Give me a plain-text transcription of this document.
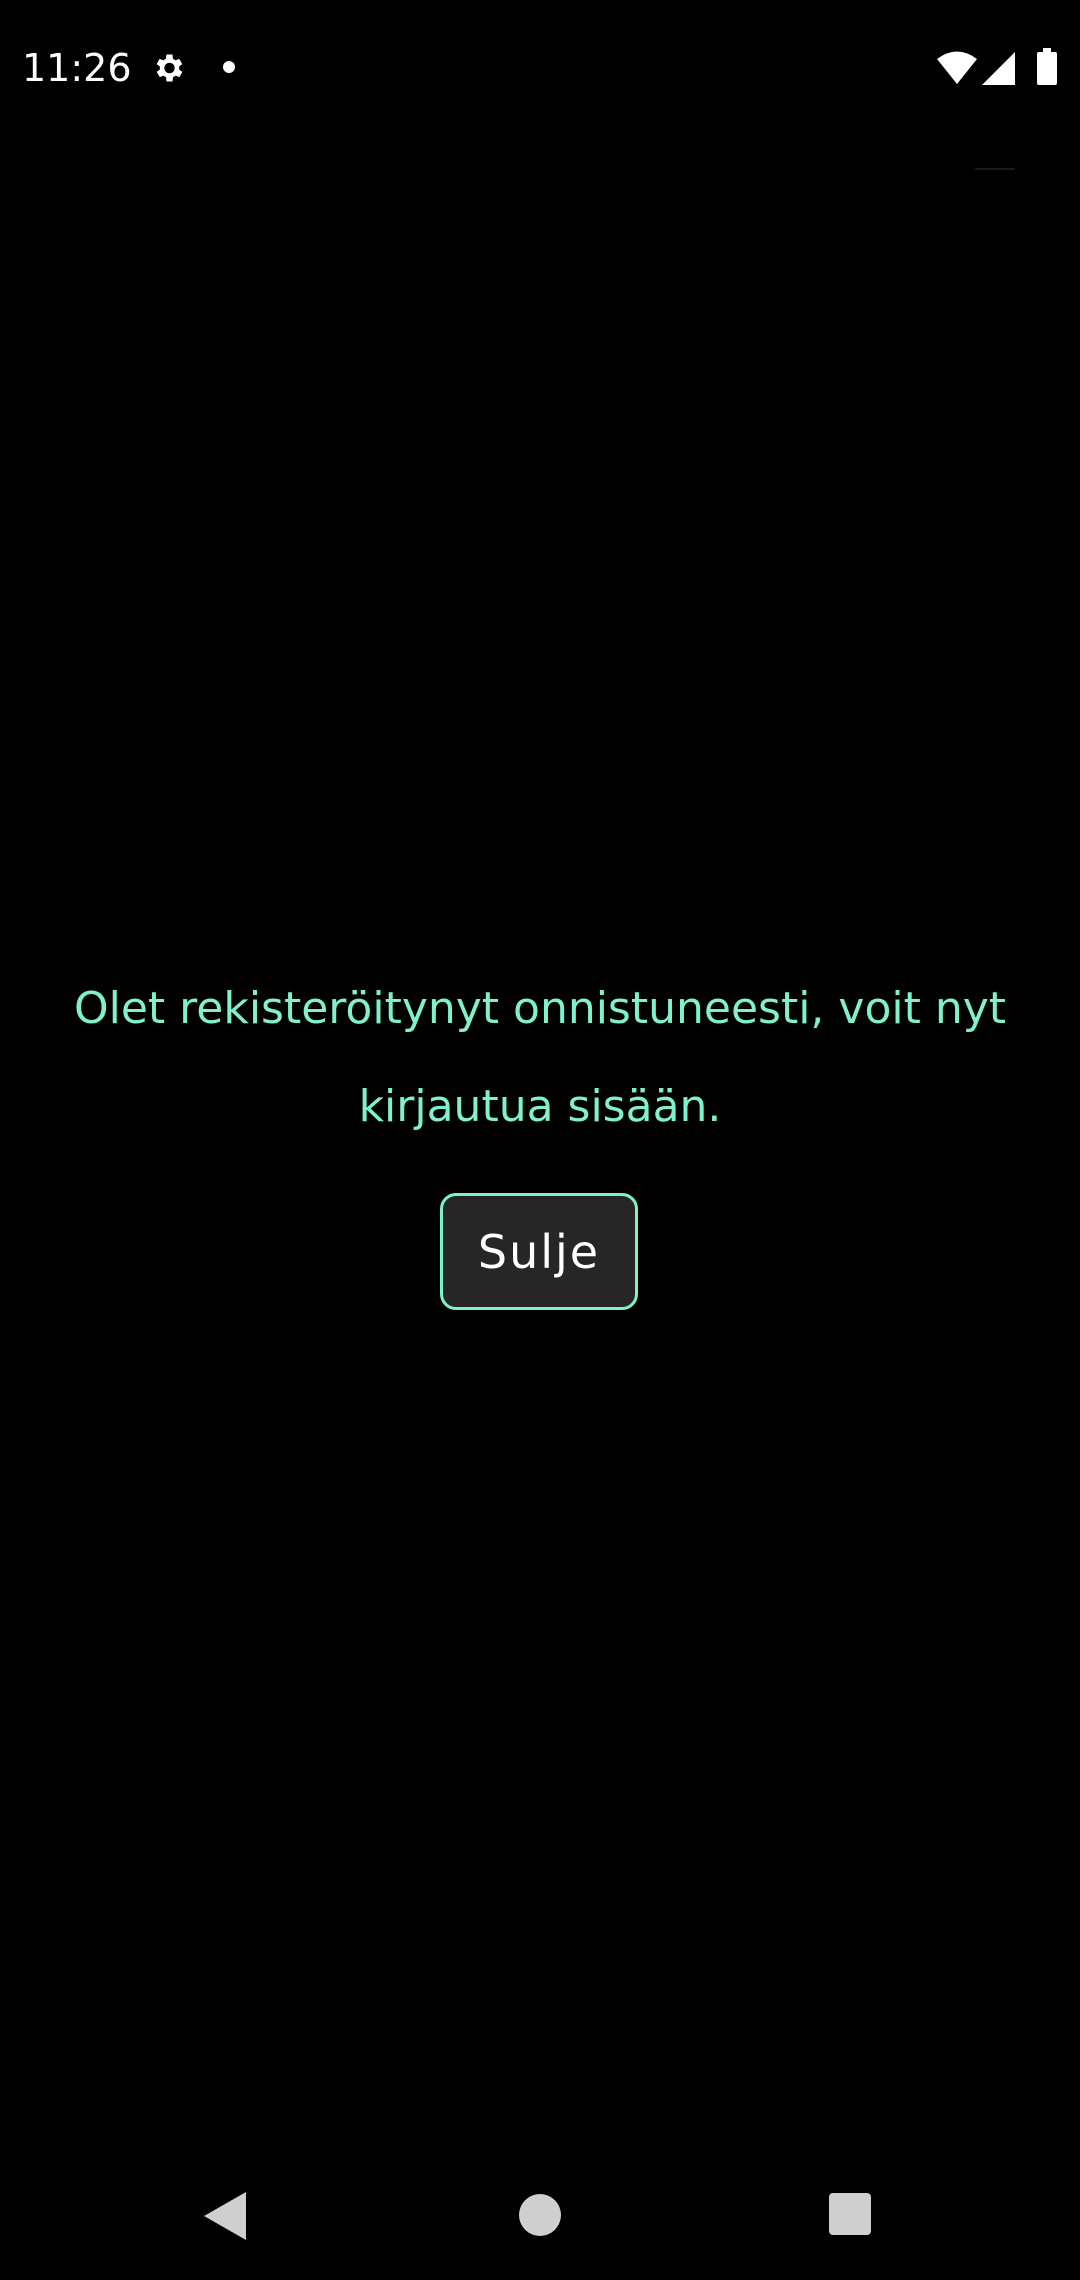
11:26
Olet rekisteröitynyt onnistuneesti, voit nyt kirjautua sisään.
Sulje
